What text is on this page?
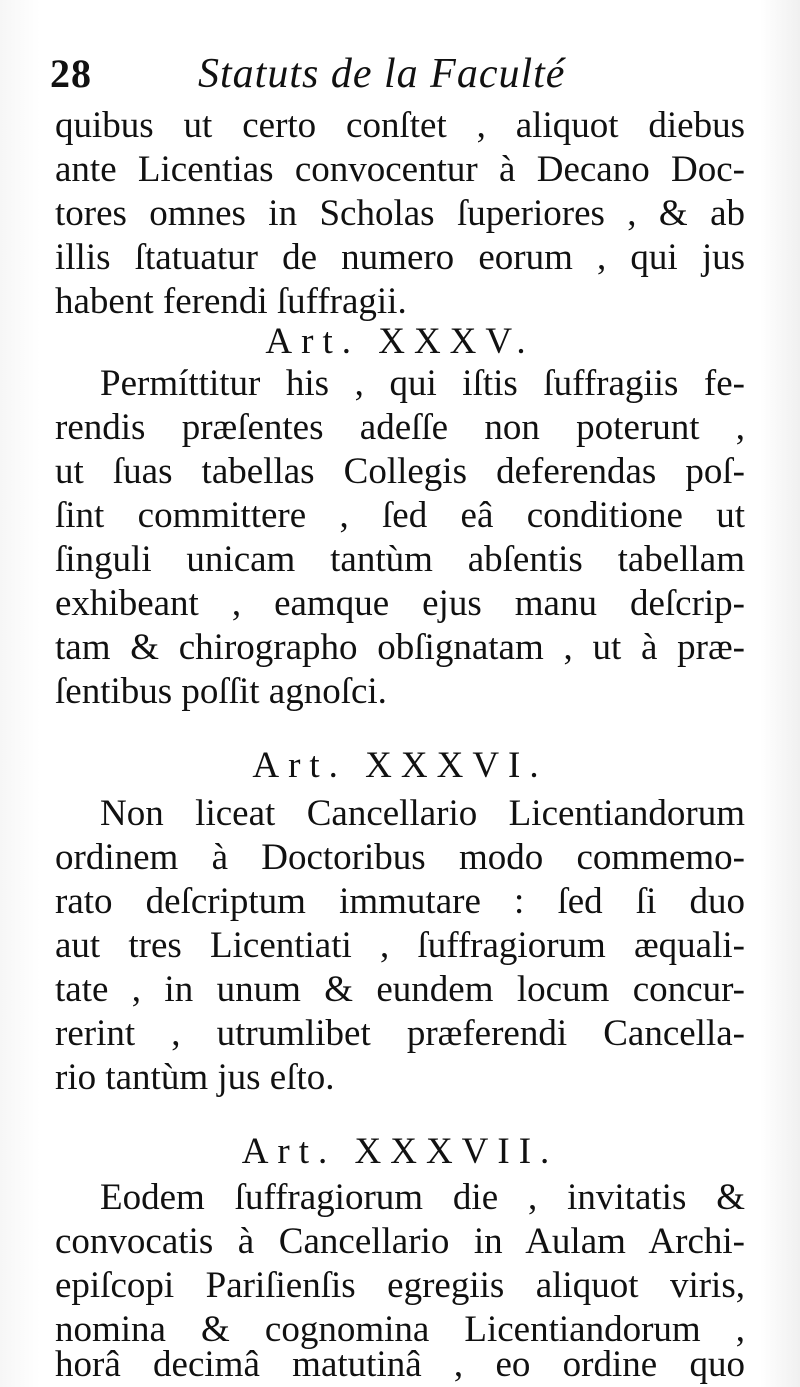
28	Statuts de la Faculté
quibus ut certo conſtet , aliquot diebus
ante Licentias convocentur à Decano Doc-
tores omnes in Scholas ſuperiores , & ab
illis ſtatuatur de numero eorum , qui jus
habent ferendi ſuffragii.
Art. XXXV.
Permíttitur his , qui iſtis ſuffragiis fe-
rendis præſentes adeſſe non poterunt ,
ut ſuas tabellas Collegis deferendas poſ-
ſint committere , ſed eâ conditione ut
ſinguli unicam tantùm abſentis tabellam
exhibeant , eamque ejus manu deſcrip-
tam & chirographo obſignatam , ut à præ-
ſentibus poſſit agnoſci.
Art. XXXVI.
Non liceat Cancellario Licentiandorum
ordinem à Doctoribus modo commemo-
rato deſcriptum immutare : ſed ſi duo
aut tres Licentiati , ſuffragiorum æquali-
tate , in unum & eundem locum concur-
rerint , utrumlibet præferendi Cancella-
rio tantùm jus eſto.
Art. XXXVII.
Eodem ſuffragiorum die , invitatis &
convocatis à Cancellario in Aulam Archi-
epiſcopi Pariſienſis egregiis aliquot viris,
nomina & cognomina Licentiandorum ,
horâ decimâ matutinâ , eo ordine quo
